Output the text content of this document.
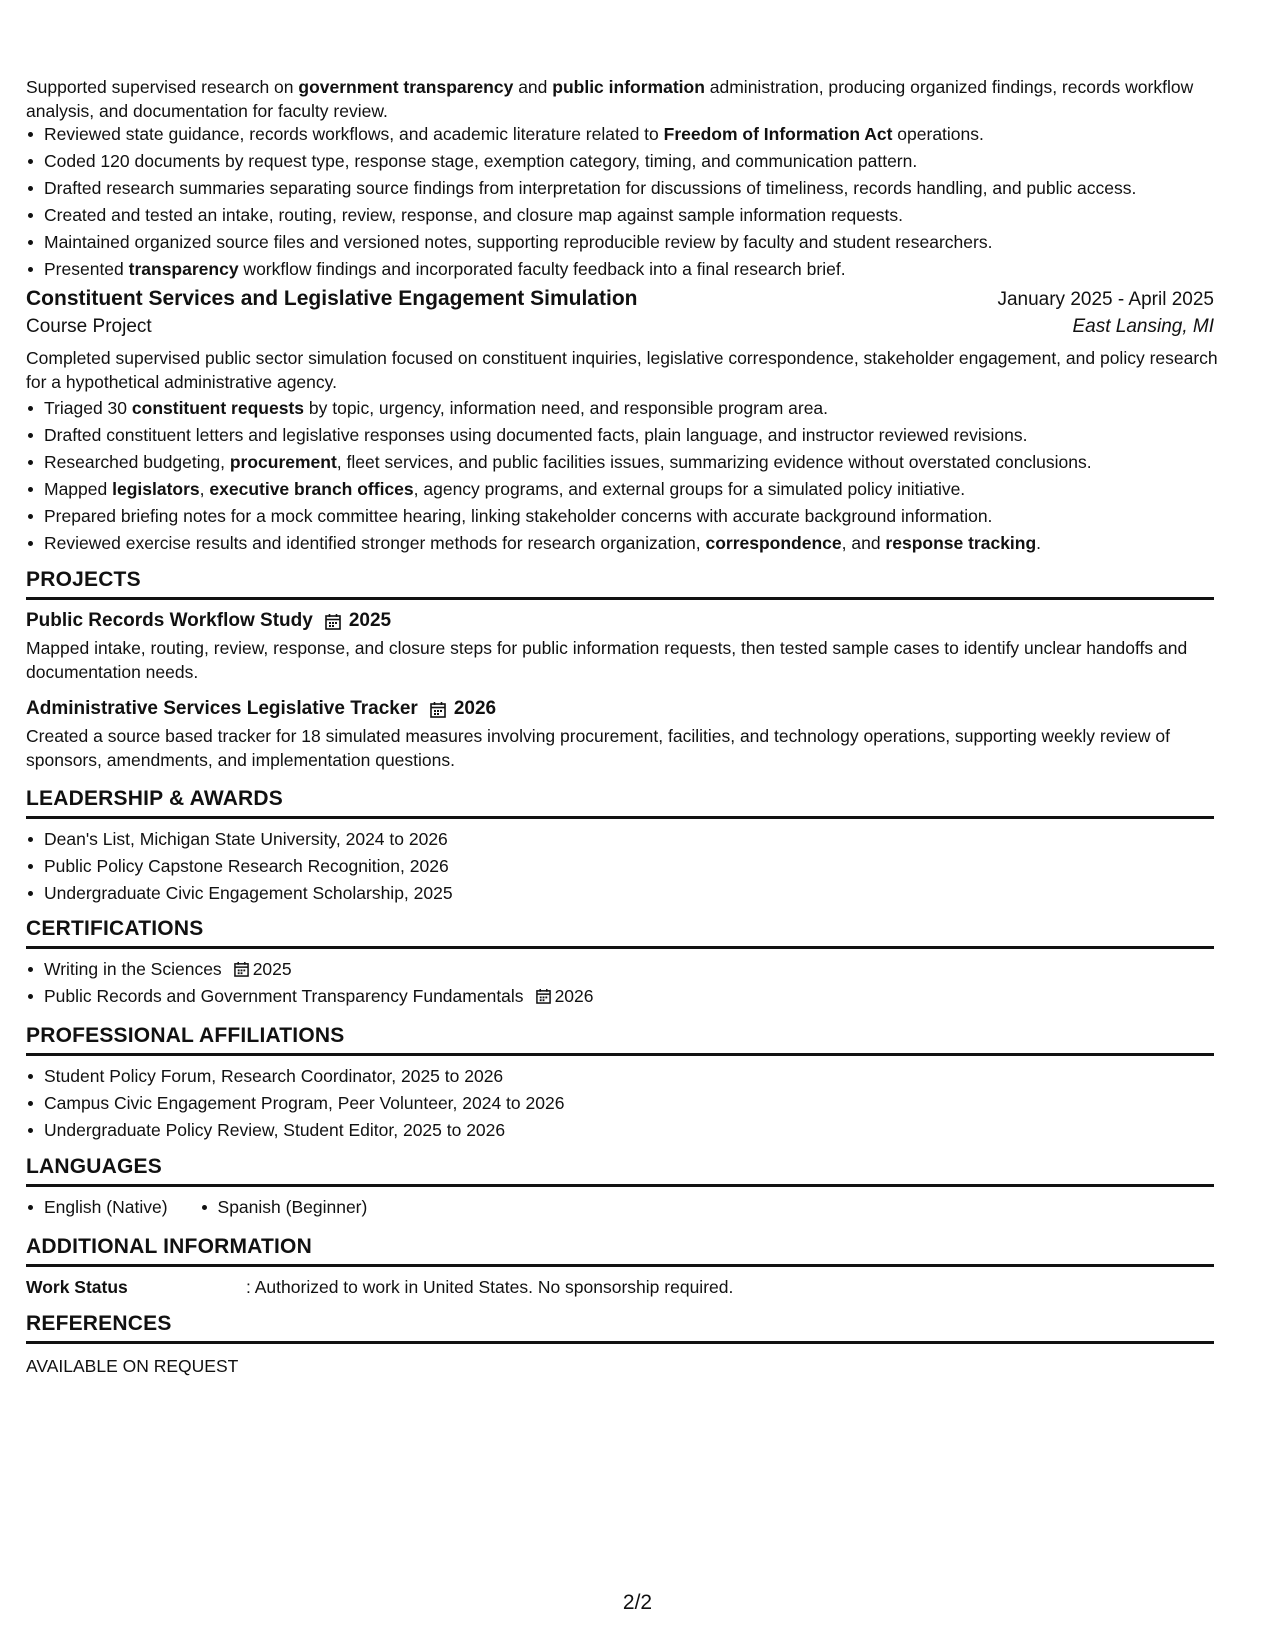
Supported supervised research on government transparency and public information administration, producing organized findings, records workflow analysis, and documentation for faculty review.

Reviewed state guidance, records workflows, and academic literature related to Freedom of Information Act operations.
Coded 120 documents by request type, response stage, exemption category, timing, and communication pattern.
Drafted research summaries separating source findings from interpretation for discussions of timeliness, records handling, and public access.
Created and tested an intake, routing, review, response, and closure map against sample information requests.
Maintained organized source files and versioned notes, supporting reproducible review by faculty and student researchers.
Presented transparency workflow findings and incorporated faculty feedback into a final research brief.
Constituent Services and Legislative Engagement Simulation	January 2025 - April 2025
Course Project	East Lansing, MI

Completed supervised public sector simulation focused on constituent inquiries, legislative correspondence, stakeholder engagement, and policy research for a hypothetical administrative agency.

Triaged 30 constituent requests by topic, urgency, information need, and responsible program area.
Drafted constituent letters and legislative responses using documented facts, plain language, and instructor reviewed revisions.
Researched budgeting, procurement, fleet services, and public facilities issues, summarizing evidence without overstated conclusions.
Mapped legislators, executive branch offices, agency programs, and external groups for a simulated policy initiative.
Prepared briefing notes for a mock committee hearing, linking stakeholder concerns with accurate background information.
Reviewed exercise results and identified stronger methods for research organization, correspondence, and response tracking.
PROJECTS
Public Records Workflow Study 2025

Mapped intake, routing, review, response, and closure steps for public information requests, then tested sample cases to identify unclear handoffs and documentation needs.

Administrative Services Legislative Tracker 2026

Created a source based tracker for 18 simulated measures involving procurement, facilities, and technology operations, supporting weekly review of sponsors, amendments, and implementation questions.

LEADERSHIP & AWARDS
Dean's List, Michigan State University, 2024 to 2026
Public Policy Capstone Research Recognition, 2026
Undergraduate Civic Engagement Scholarship, 2025
CERTIFICATIONS
Writing in the Sciences 2025
Public Records and Government Transparency Fundamentals 2026
PROFESSIONAL AFFILIATIONS
Student Policy Forum, Research Coordinator, 2025 to 2026
Campus Civic Engagement Program, Peer Volunteer, 2024 to 2026
Undergraduate Policy Review, Student Editor, 2025 to 2026
LANGUAGES
English (Native)	Spanish (Beginner)
ADDITIONAL INFORMATION
Work Status	: Authorized to work in United States. No sponsorship required.
REFERENCES

AVAILABLE ON REQUEST

2/2
